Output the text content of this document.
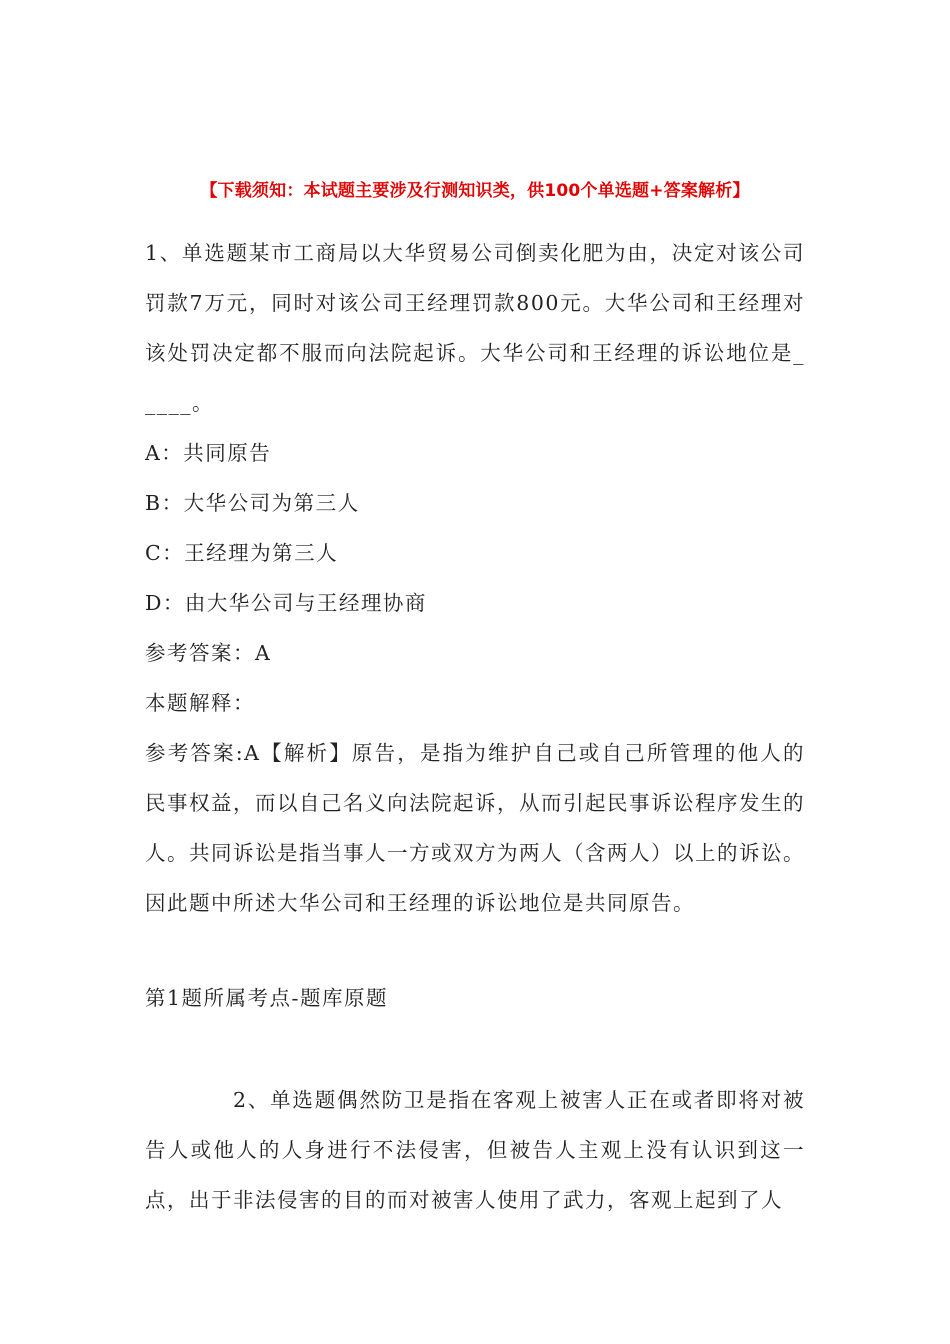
【下载须知：本试题主要涉及行测知识类，供100个单选题+答案解析】
1、单选题某市工商局以大华贸易公司倒卖化肥为由，决定对该公司罚款7万元，同时对该公司王经理罚款800元。大华公司和王经理对该处罚决定都不服而向法院起诉。大华公司和王经理的诉讼地位是_____。
A：共同原告
B：大华公司为第三人
C：王经理为第三人
D：由大华公司与王经理协商
参考答案：A
本题解释：
参考答案:A【解析】原告，是指为维护自己或自己所管理的他人的民事权益，而以自己名义向法院起诉，从而引起民事诉讼程序发生的人。共同诉讼是指当事人一方或双方为两人（含两人）以上的诉讼。因此题中所述大华公司和王经理的诉讼地位是共同原告。
第1题所属考点-题库原题
2、单选题偶然防卫是指在客观上被害人正在或者即将对被告人或他人的人身进行不法侵害，但被告人主观上没有认识到这一点，出于非法侵害的目的而对被害人使用了武力，客观上起到了人
